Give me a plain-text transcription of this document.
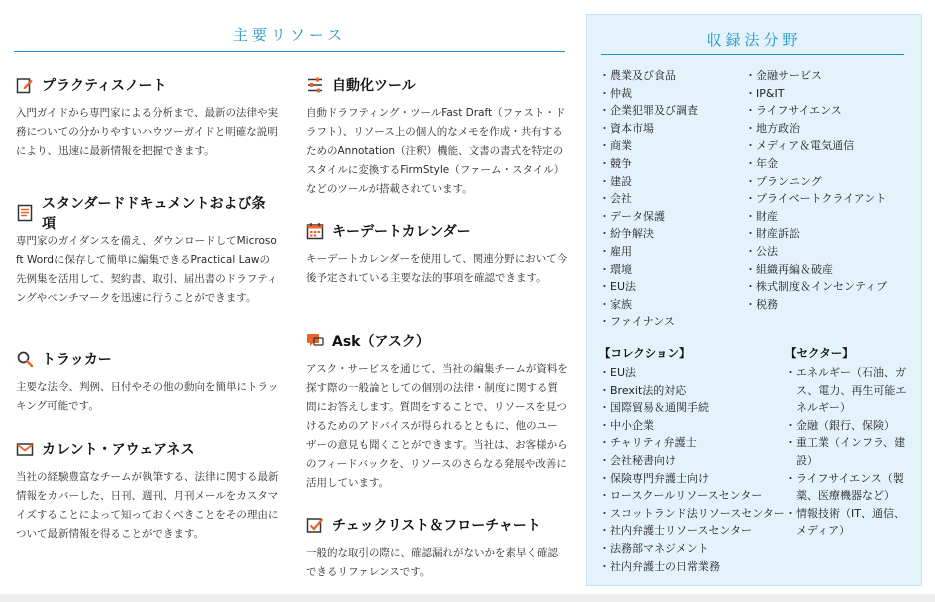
主要リソース
プラクティスノート
入門ガイドから専門家による分析まで、最新の法律や実務についての分かりやすいハウツーガイドと明確な説明により、迅速に最新情報を把握できます。
スタンダードドキュメントおよび条項
専門家のガイダンスを備え、ダウンロードしてMicrosoft Wordに保存して簡単に編集できるPractical Lawの先例集を活用して、契約書、取引、届出書のドラフティングやベンチマークを迅速に行うことができます。
トラッカー
主要な法令、判例、日付やその他の動向を簡単にトラッキング可能です。
カレント・アウェアネス
当社の経験豊富なチームが執筆する、法律に関する最新情報をカバーした、日刊、週刊、月刊メールをカスタマイズすることによって知っておくべきことをその理由について最新情報を得ることができます。
自動化ツール
自動ドラフティング・ツールFast Draft（ファスト・ドラフト）、リソース上の個人的なメモを作成・共有するためのAnnotation（注釈）機能、文書の書式を特定のスタイルに変換するFirmStyle（ファーム・スタイル）などのツールが搭載されています。
キーデートカレンダー
キーデートカレンダーを使用して、関連分野において今後予定されている主要な法的事項を確認できます。
Ask（アスク）
アスク・サービスを通じて、当社の編集チームが資料を探す際の一般論としての個別の法律・制度に関する質問にお答えします。質問をすることで、リソースを見つけるためのアドバイスが得られるとともに、他のユーザーの意見も聞くことができます。当社は、お客様からのフィードバックを、リソースのさらなる発展や改善に活用しています。
チェックリスト＆フローチャート
一般的な取引の際に、確認漏れがないかを素早く確認できるリファレンスです。
収録法分野
・ 農業及び食品
・ 仲裁
・ 企業犯罪及び調査
・ 資本市場
・ 商業
・ 競争
・ 建設
・ 会社
・ データ保護
・ 紛争解決
・ 雇用
・ 環境
・ EU法
・ 家族
・ ファイナンス
・ 金融サービス
・ IP&IT
・ ライフサイエンス
・ 地方政治
・ メディア＆電気通信
・ 年金
・ プランニング
・ プライベートクライアント
・ 財産
・ 財産訴訟
・ 公法
・ 組織再編＆破産
・ 株式制度＆インセンティブ
・ 税務
【コレクション】
・ EU法
・ Brexit法的対応
・ 国際貿易＆通関手続
・ 中小企業
・ チャリティ弁護士
・ 会社秘書向け
・ 保険専門弁護士向け
・ ロースクールリソースセンター
・ スコットランド法リソースセンター
・ 社内弁護士リソースセンター
・ 法務部マネジメント
・ 社内弁護士の日常業務
【セクター】
・ エネルギー（石油、ガス、電力、再生可能エネルギー）
・ 金融（銀行、保険）
・ 重工業（インフラ、建設）
・ ライフサイエンス（製薬、医療機器など）
・ 情報技術（IT、通信、メディア）
